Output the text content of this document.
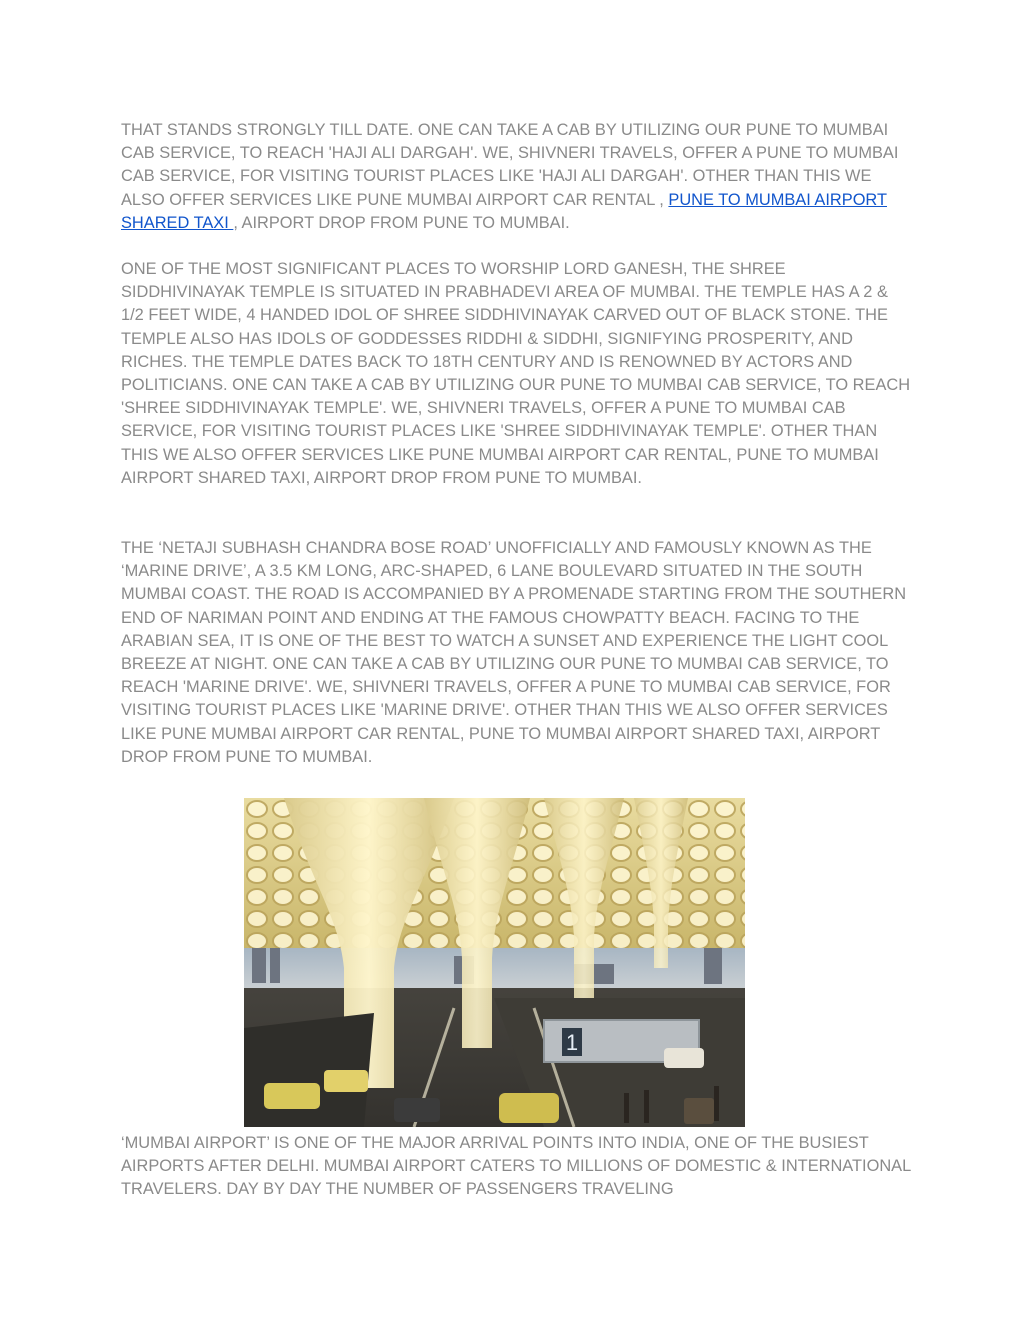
THAT STANDS STRONGLY TILL DATE. ONE CAN TAKE A CAB BY UTILIZING OUR PUNE TO MUMBAI CAB SERVICE, TO REACH 'HAJI ALI DARGAH'. WE, SHIVNERI TRAVELS, OFFER A PUNE TO MUMBAI CAB SERVICE, FOR VISITING TOURIST PLACES LIKE 'HAJI ALI DARGAH'. OTHER THAN THIS WE ALSO OFFER SERVICES LIKE PUNE MUMBAI AIRPORT CAR RENTAL , PUNE TO MUMBAI AIRPORT SHARED TAXI , AIRPORT DROP FROM PUNE TO MUMBAI.

ONE OF THE MOST SIGNIFICANT PLACES TO WORSHIP LORD GANESH, THE SHREE SIDDHIVINAYAK TEMPLE IS SITUATED IN PRABHADEVI AREA OF MUMBAI. THE TEMPLE HAS A 2 & 1/2 FEET WIDE, 4 HANDED IDOL OF SHREE SIDDHIVINAYAK CARVED OUT OF BLACK STONE. THE TEMPLE ALSO HAS IDOLS OF GODDESSES RIDDHI & SIDDHI, SIGNIFYING PROSPERITY, AND RICHES. THE TEMPLE DATES BACK TO 18TH CENTURY AND IS RENOWNED BY ACTORS AND POLITICIANS. ONE CAN TAKE A CAB BY UTILIZING OUR PUNE TO MUMBAI CAB SERVICE, TO REACH 'SHREE SIDDHIVINAYAK TEMPLE'. WE, SHIVNERI TRAVELS, OFFER A PUNE TO MUMBAI CAB SERVICE, FOR VISITING TOURIST PLACES LIKE 'SHREE SIDDHIVINAYAK TEMPLE'. OTHER THAN THIS WE ALSO OFFER SERVICES LIKE PUNE MUMBAI AIRPORT CAR RENTAL, PUNE TO MUMBAI AIRPORT SHARED TAXI, AIRPORT DROP FROM PUNE TO MUMBAI.

THE ‘NETAJI SUBHASH CHANDRA BOSE ROAD’ UNOFFICIALLY AND FAMOUSLY KNOWN AS THE ‘MARINE DRIVE’, A 3.5 KM LONG, ARC-SHAPED, 6 LANE BOULEVARD SITUATED IN THE SOUTH MUMBAI COAST. THE ROAD IS ACCOMPANIED BY A PROMENADE STARTING FROM THE SOUTHERN END OF NARIMAN POINT AND ENDING AT THE FAMOUS CHOWPATTY BEACH. FACING TO THE ARABIAN SEA, IT IS ONE OF THE BEST TO WATCH A SUNSET AND EXPERIENCE THE LIGHT COOL BREEZE AT NIGHT. ONE CAN TAKE A CAB BY UTILIZING OUR PUNE TO MUMBAI CAB SERVICE, TO REACH 'MARINE DRIVE'. WE, SHIVNERI TRAVELS, OFFER A PUNE TO MUMBAI CAB SERVICE, FOR VISITING TOURIST PLACES LIKE 'MARINE DRIVE'. OTHER THAN THIS WE ALSO OFFER SERVICES LIKE PUNE MUMBAI AIRPORT CAR RENTAL, PUNE TO MUMBAI AIRPORT SHARED TAXI, AIRPORT DROP FROM PUNE TO MUMBAI.

1

‘MUMBAI AIRPORT’ IS ONE OF THE MAJOR ARRIVAL POINTS INTO INDIA, ONE OF THE BUSIEST AIRPORTS AFTER DELHI. MUMBAI AIRPORT CATERS TO MILLIONS OF DOMESTIC & INTERNATIONAL TRAVELERS. DAY BY DAY THE NUMBER OF PASSENGERS TRAVELING
